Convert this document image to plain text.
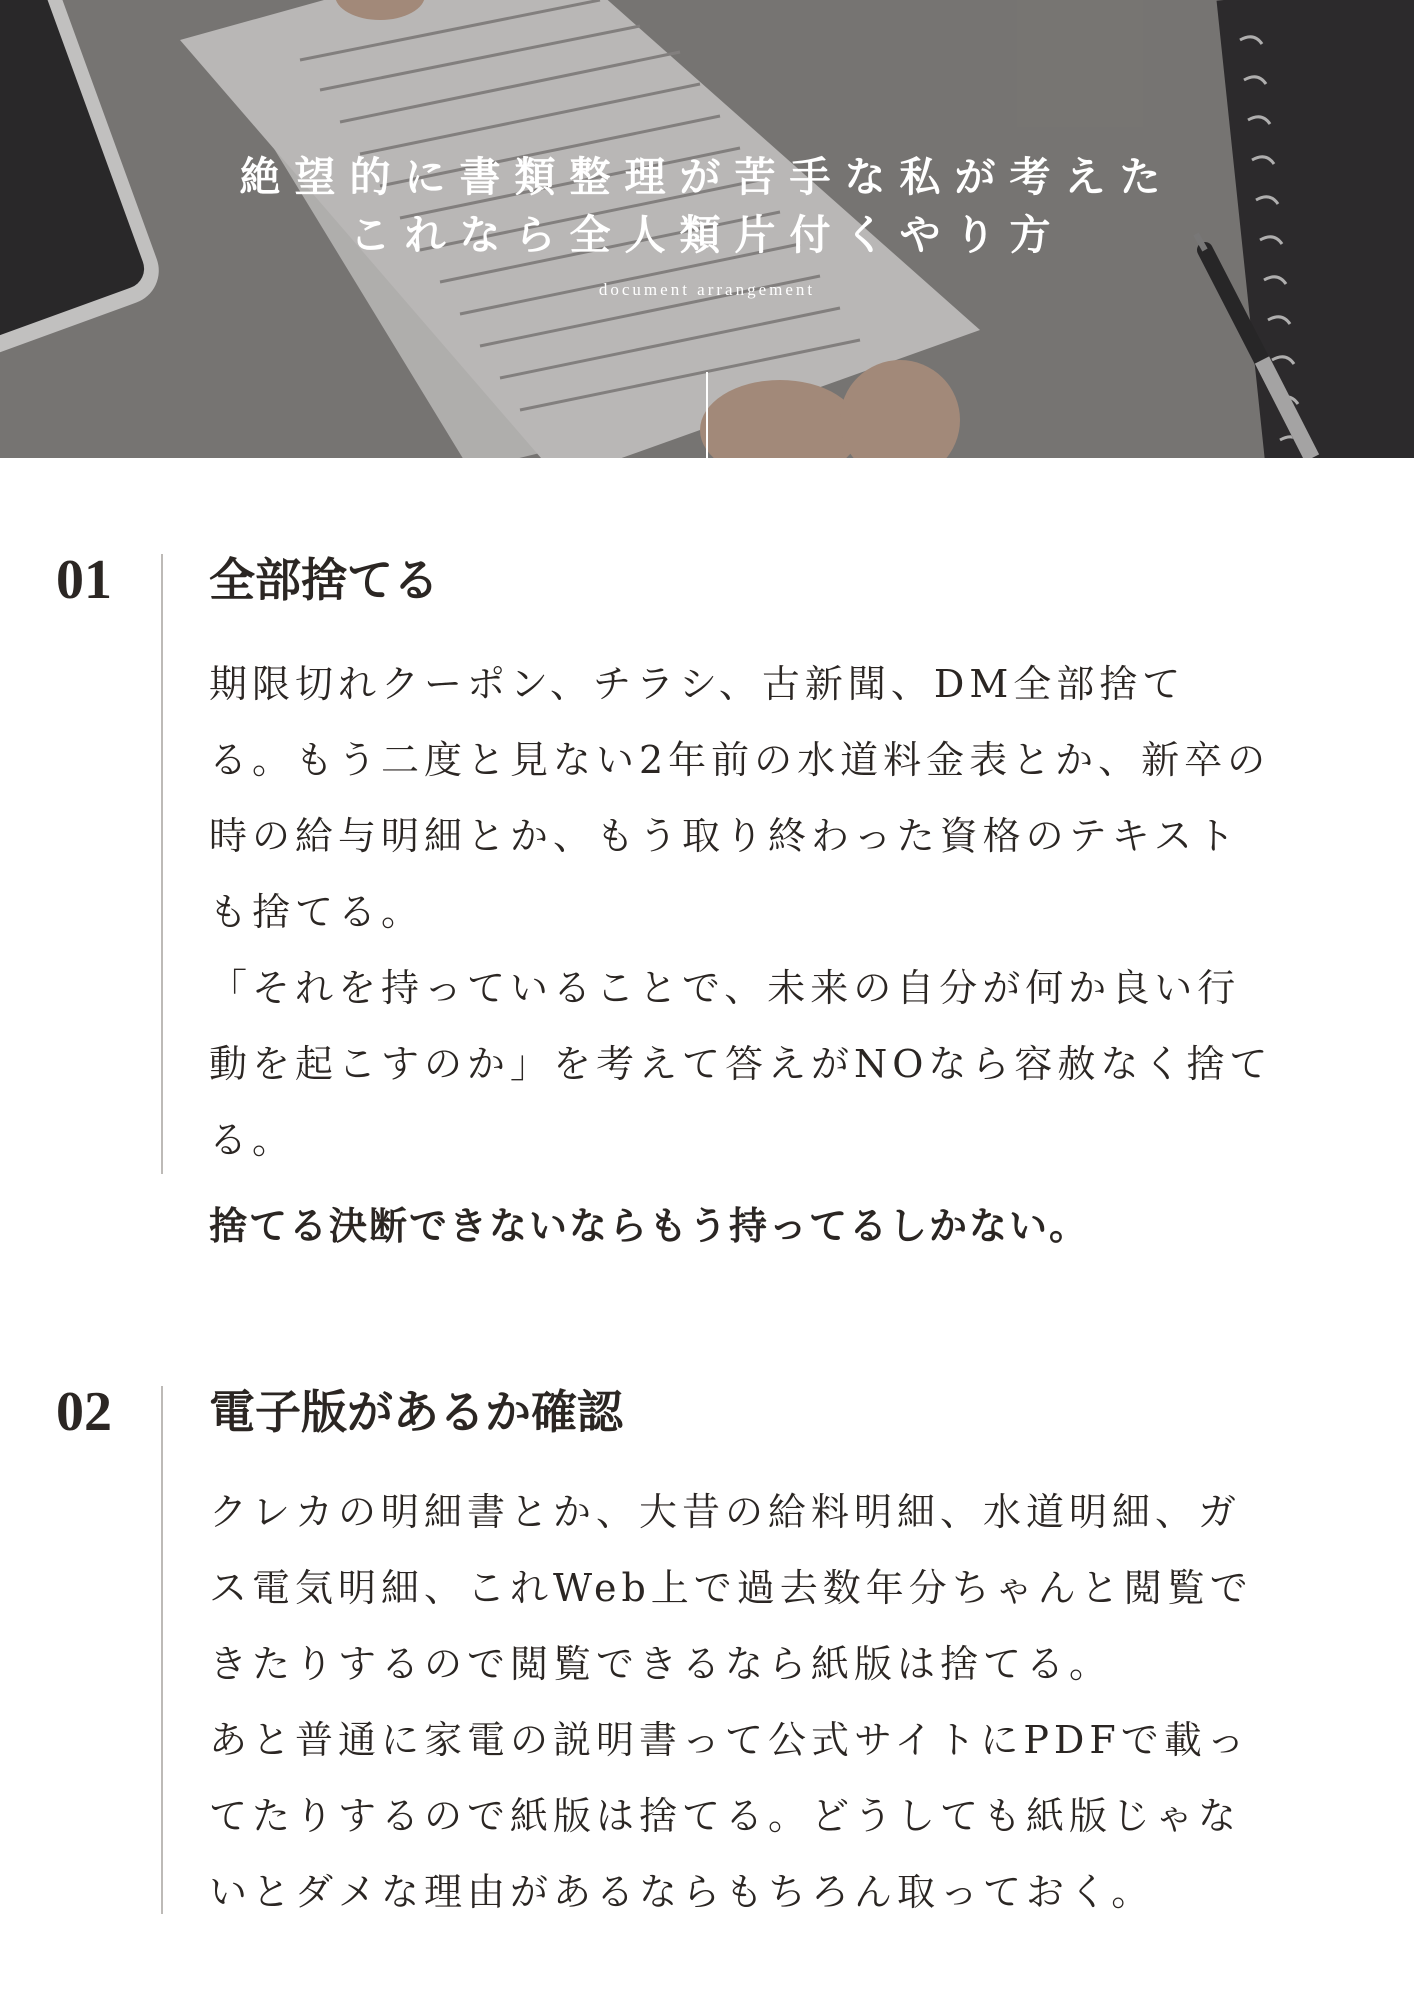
絶望的に書類整理が苦手な私が考えた
これなら全人類片付くやり方
document arrangement
01 全部捨てる

期限切れクーポン、チラシ、古新聞、DM全部捨て

る。もう二度と見ない2年前の水道料金表とか、新卒の

時の給与明細とか、もう取り終わった資格のテキスト

も捨てる。

「それを持っていることで、未来の自分が何か良い行

動を起こすのか」を考えて答えがNOなら容赦なく捨て

る。

捨てる決断できないならもう持ってるしかない。

02 電子版があるか確認

クレカの明細書とか、大昔の給料明細、水道明細、ガ

ス電気明細、これWeb上で過去数年分ちゃんと閲覧で

きたりするので閲覧できるなら紙版は捨てる。

あと普通に家電の説明書って公式サイトにPDFで載っ

てたりするので紙版は捨てる。どうしても紙版じゃな

いとダメな理由があるならもちろん取っておく。
